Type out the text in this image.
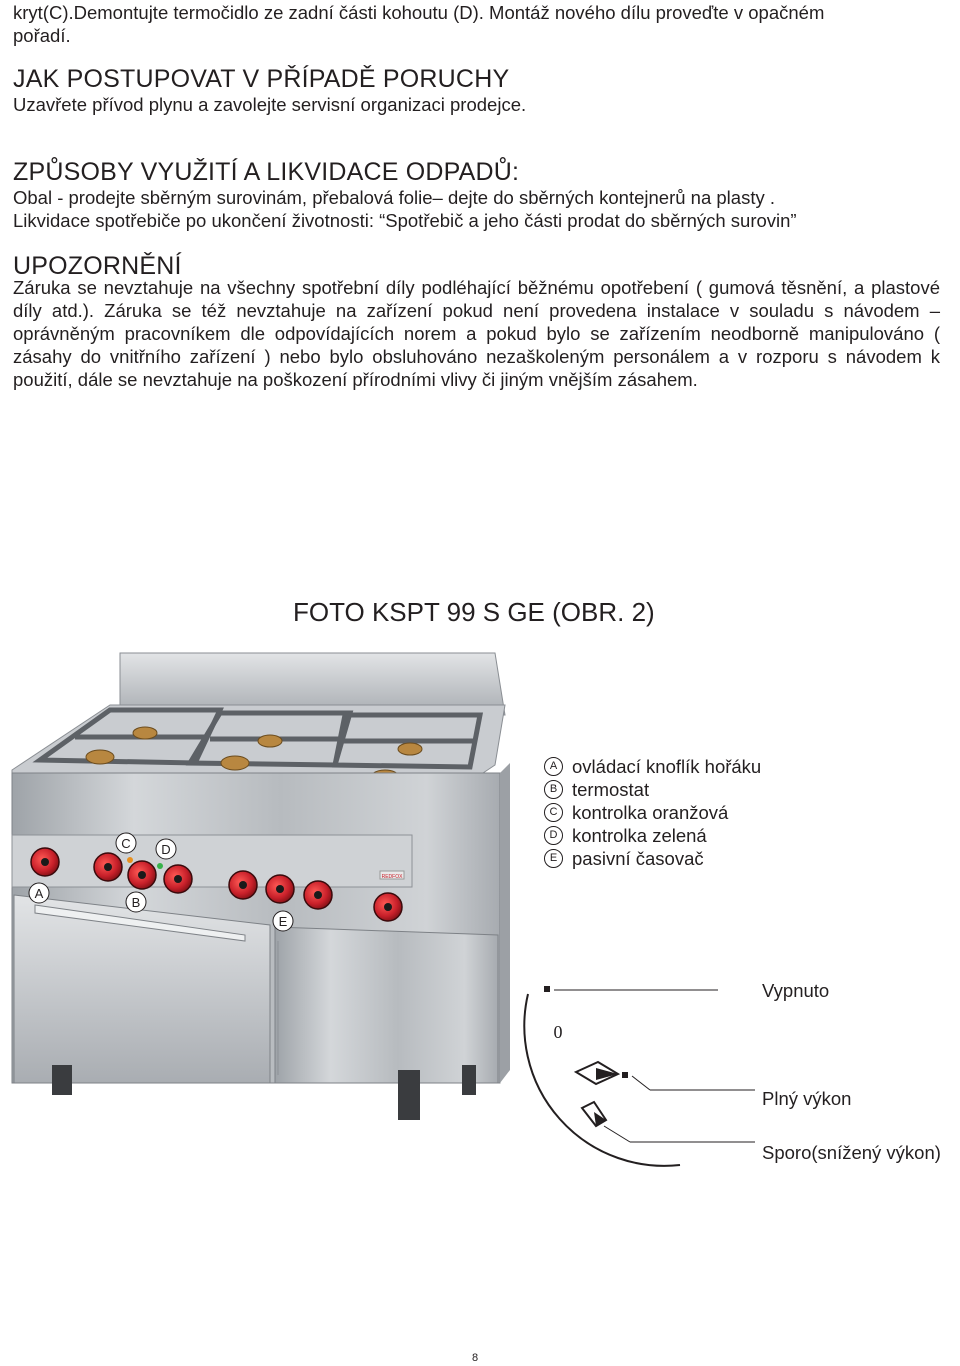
kryt(C).Demontujte termočidlo ze zadní části kohoutu (D). Montáž nového dílu proveďte v opačném
pořadí.
JAK POSTUPOVAT V PŘÍPADĚ PORUCHY
Uzavřete přívod plynu a zavolejte servisní organizaci prodejce.
ZPŮSOBY VYUŽITÍ A LIKVIDACE ODPADŮ:
Obal - prodejte sběrným surovinám, přebalová folie– dejte do sběrných kontejnerů na plasty .
Likvidace spotřebiče po ukončení životnosti: “Spotřebič a jeho části prodat do sběrných surovin”
UPOZORNĚNÍ

Záruka se nevztahuje na všechny spotřební díly podléhající běžnému opotřebení ( gumová těsnění, a plastové díly atd.). Záruka se též nevztahuje na zařízení pokud není provedena instalace v souladu s návodem – oprávněným pracovníkem dle odpovídajících norem a pokud bylo se zařízením neodborně manipulováno ( zásahy do vnitřního zařízení ) nebo bylo obsluhováno nezaškoleným personálem a v rozporu s návodem k použití, dále se nevztahuje na poškození přírodními vlivy či jiným vnějším zásahem.

FOTO KSPT 99 S GE (OBR. 2)
REDFOX
A
B
C D
E
A ovládací knoflík hořáku
B termostat
C kontrolka oranžová
D kontrolka zelená
E pasivní časovač
0
Vypnuto
Plný výkon
Sporo(snížený výkon)
8
